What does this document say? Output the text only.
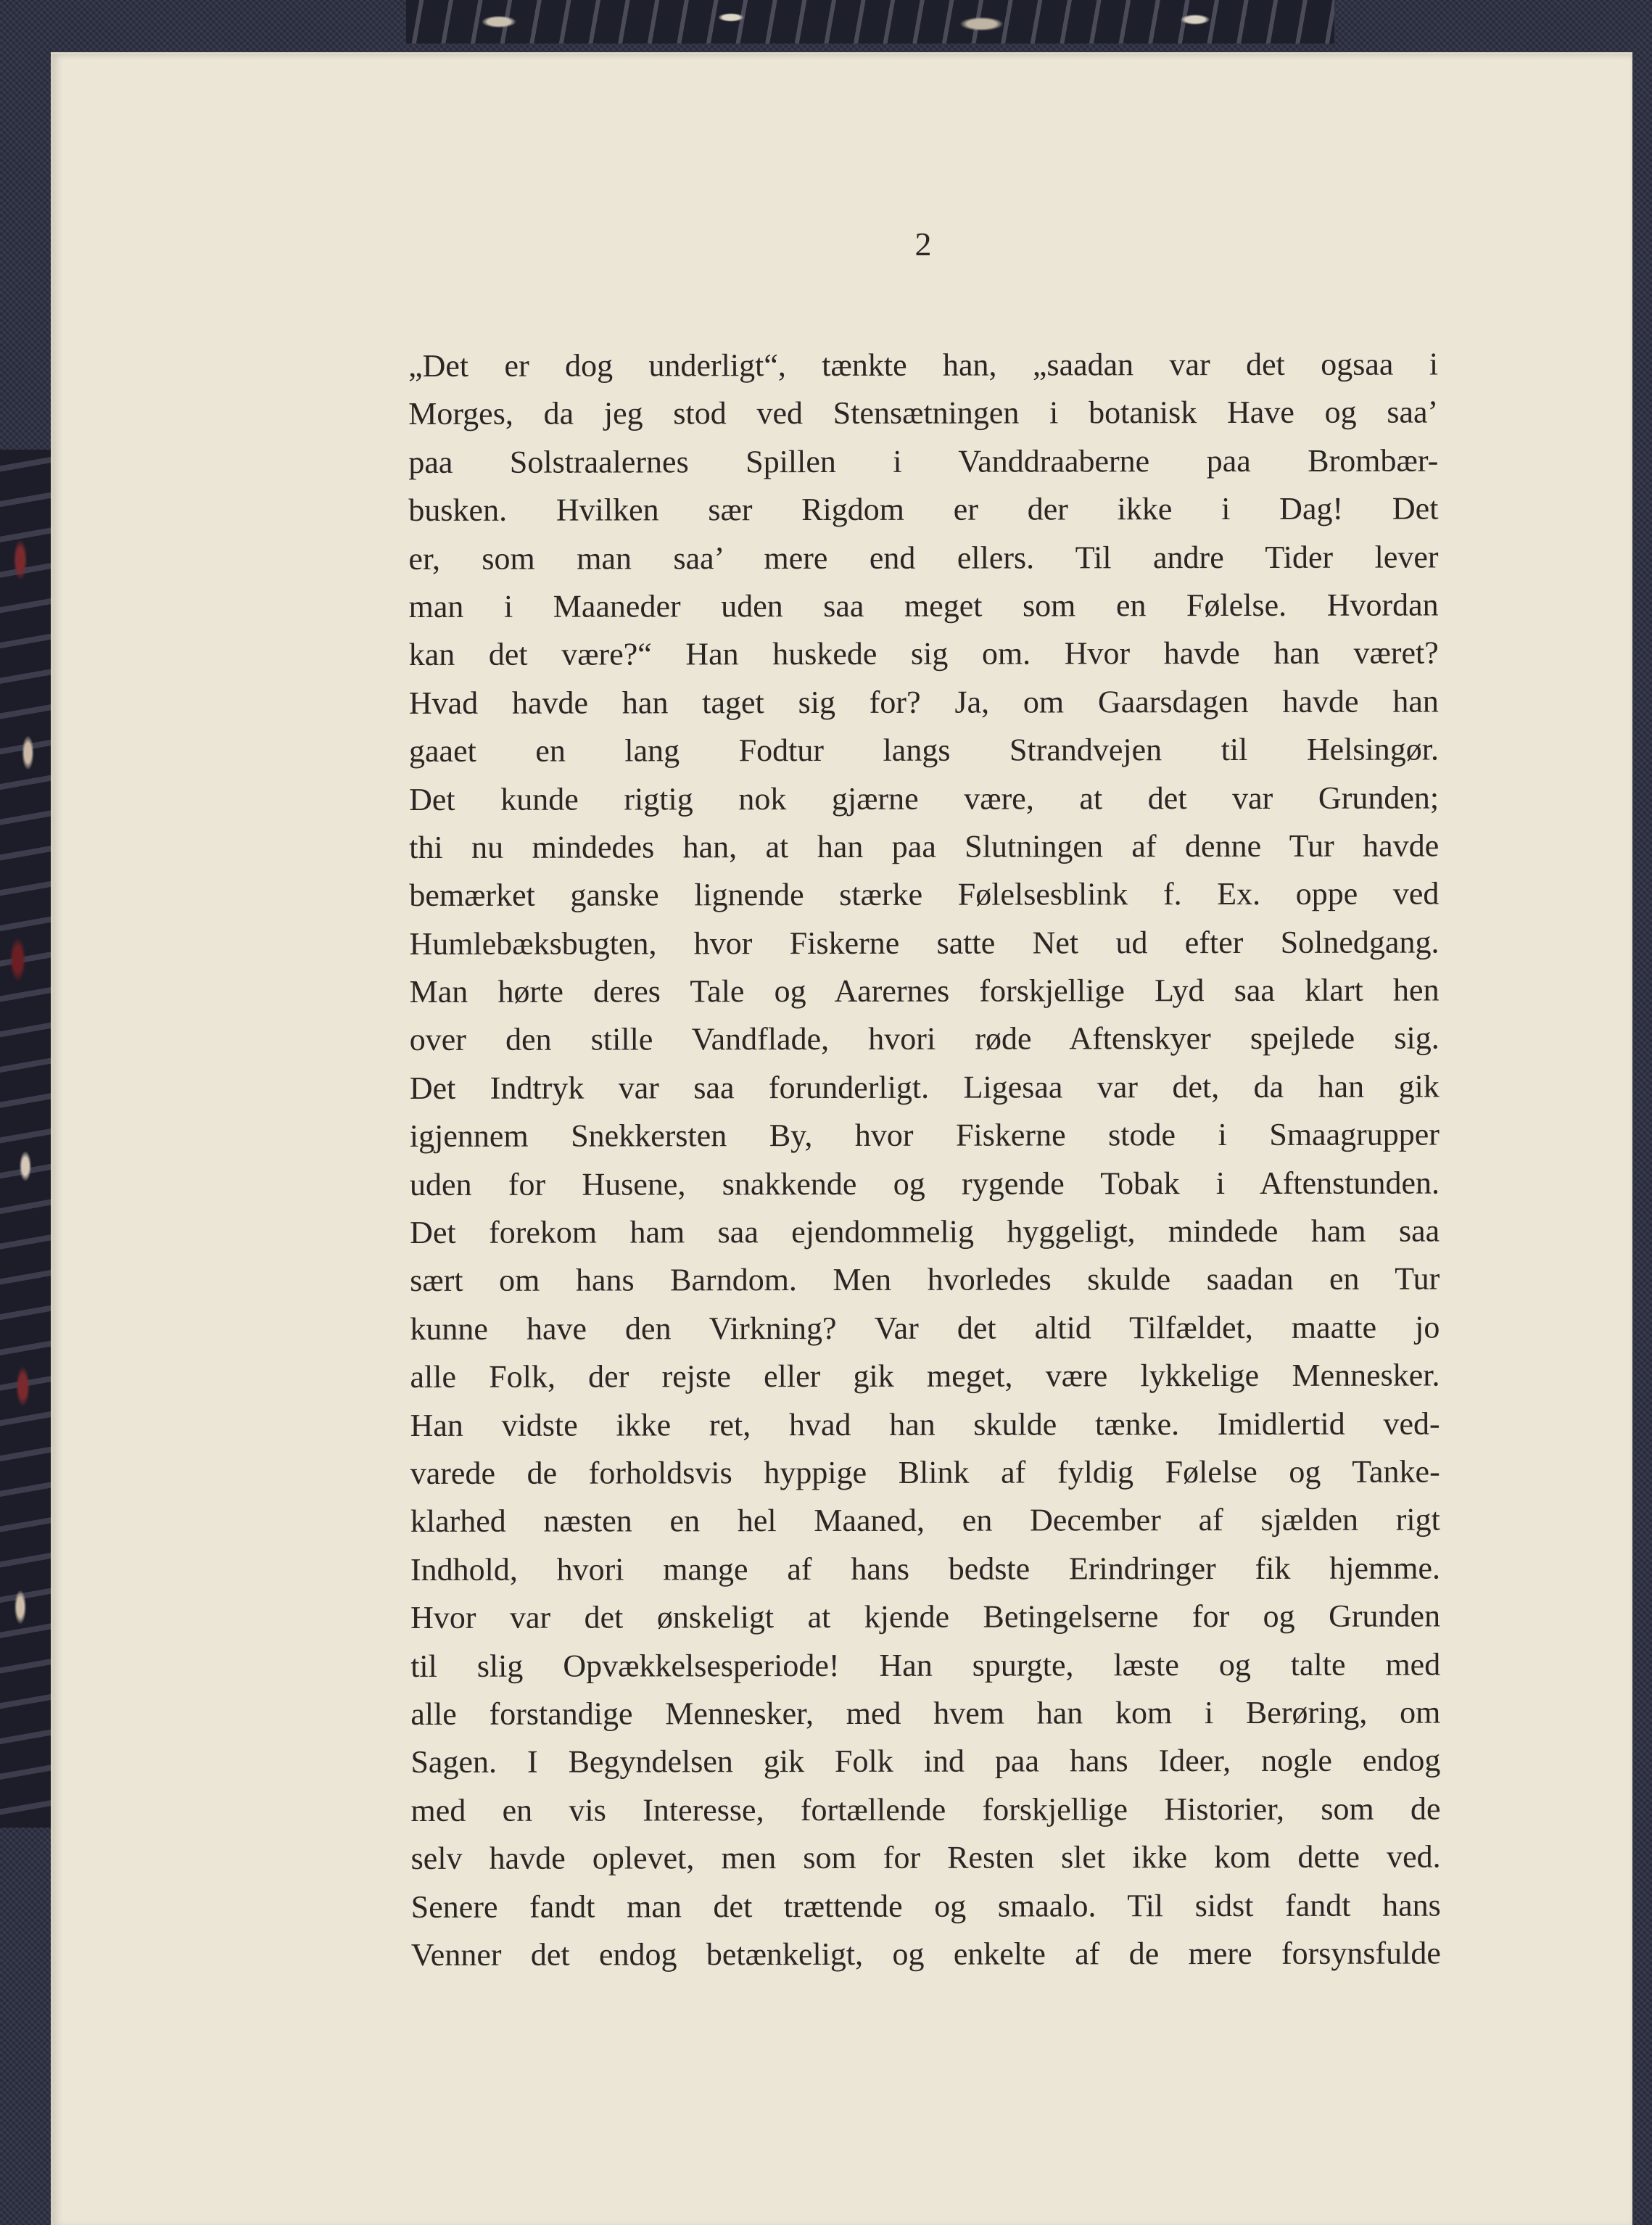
2
„Det er dog underligt“, tænkte han, „saadan var det ogsaa i
Morges, da jeg stod ved Stensætningen i botanisk Have og saa’
paa Solstraalernes Spillen i Vanddraaberne paa Brombær-
busken. Hvilken sær Rigdom er der ikke i Dag! Det
er, som man saa’ mere end ellers. Til andre Tider lever
man i Maaneder uden saa meget som en Følelse. Hvordan
kan det være?“ Han huskede sig om. Hvor havde han været?
Hvad havde han taget sig for? Ja, om Gaarsdagen havde han
gaaet en lang Fodtur langs Strandvejen til Helsingør.
Det kunde rigtig nok gjærne være, at det var Grunden;
thi nu mindedes han, at han paa Slutningen af denne Tur havde
bemærket ganske lignende stærke Følelsesblink f. Ex. oppe ved
Humlebæksbugten, hvor Fiskerne satte Net ud efter Solnedgang.
Man hørte deres Tale og Aarernes forskjellige Lyd saa klart hen
over den stille Vandflade, hvori røde Aftenskyer spejlede sig.
Det Indtryk var saa forunderligt. Ligesaa var det, da han gik
igjennem Snekkersten By, hvor Fiskerne stode i Smaagrupper
uden for Husene, snakkende og rygende Tobak i Aftenstunden.
Det forekom ham saa ejendommelig hyggeligt, mindede ham saa
sært om hans Barndom. Men hvorledes skulde saadan en Tur
kunne have den Virkning? Var det altid Tilfældet, maatte jo
alle Folk, der rejste eller gik meget, være lykkelige Mennesker.
Han vidste ikke ret, hvad han skulde tænke. Imidlertid ved-
varede de forholdsvis hyppige Blink af fyldig Følelse og Tanke-
klarhed næsten en hel Maaned, en December af sjælden rigt
Indhold, hvori mange af hans bedste Erindringer fik hjemme.
Hvor var det ønskeligt at kjende Betingelserne for og Grunden
til slig Opvækkelsesperiode! Han spurgte, læste og talte med
alle forstandige Mennesker, med hvem han kom i Berøring, om
Sagen. I Begyndelsen gik Folk ind paa hans Ideer, nogle endog
med en vis Interesse, fortællende forskjellige Historier, som de
selv havde oplevet, men som for Resten slet ikke kom dette ved.
Senere fandt man det trættende og smaalo. Til sidst fandt hans
Venner det endog betænkeligt, og enkelte af de mere forsynsfulde
